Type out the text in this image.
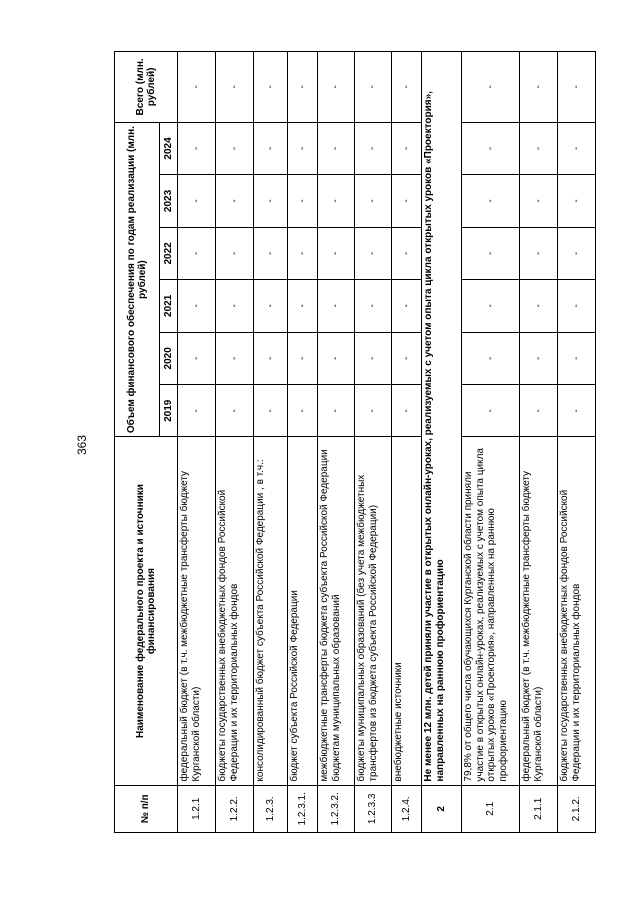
363
№ п/п	Наименование федерального проекта и источники финансирования	Объем финансового обеспечения по годам реализации (млн. рублей)						Всего (млн. рублей)
		2019	2020	2021	2022	2023	2024	
1.2.1	федеральный бюджет (в т.ч. межбюджетные трансферты бюджету Курганской области)	-	-	-	-	-	-	-
1.2.2.	бюджеты государственных внебюджетных фондов Российской Федерации и их территориальных фондов	-	-	-	-	-	-	-
1.2.3.	консолидированный бюджет субъекта Российской Федерации , в т.ч.:	-	-	-	-	-	-	-
1.2.3.1.	бюджет субъекта Российской Федерации	-	-	-	-	-	-	-
1.2.3.2.	межбюджетные трансферты бюджета субъекта Российской Федерации бюджетам муниципальных образований	-	-	-	-	-	-	-
1.2.3.3	бюджеты муниципальных образований (без учета межбюджетных трансфертов из бюджета субъекта Российской Федерации)	-	-	-	-	-	-	-
1.2.4.	внебюджетные источники	-	-	-	-	-	-	-
2	Не менее 12 млн. детей приняли участие в открытых онлайн-уроках, реализуемых с учетом опыта цикла открытых уроков «Проектория», направленных на раннюю профориентацию							
2.1	79,8% от общего числа обучающихся Курганской области приняли участие в открытых онлайн-уроках, реализуемых с учетом опыта цикла открытых уроков «Проектория», направленных на раннюю профориентацию	-	-	-	-	-	-	-
2.1.1	федеральный бюджет (в т.ч. межбюджетные трансферты бюджету Курганской области)	-	-	-	-	-	-	-
2.1.2.	бюджеты государственных внебюджетных фондов Российской Федерации и их территориальных фондов	-	-	-	-	-	-	-
